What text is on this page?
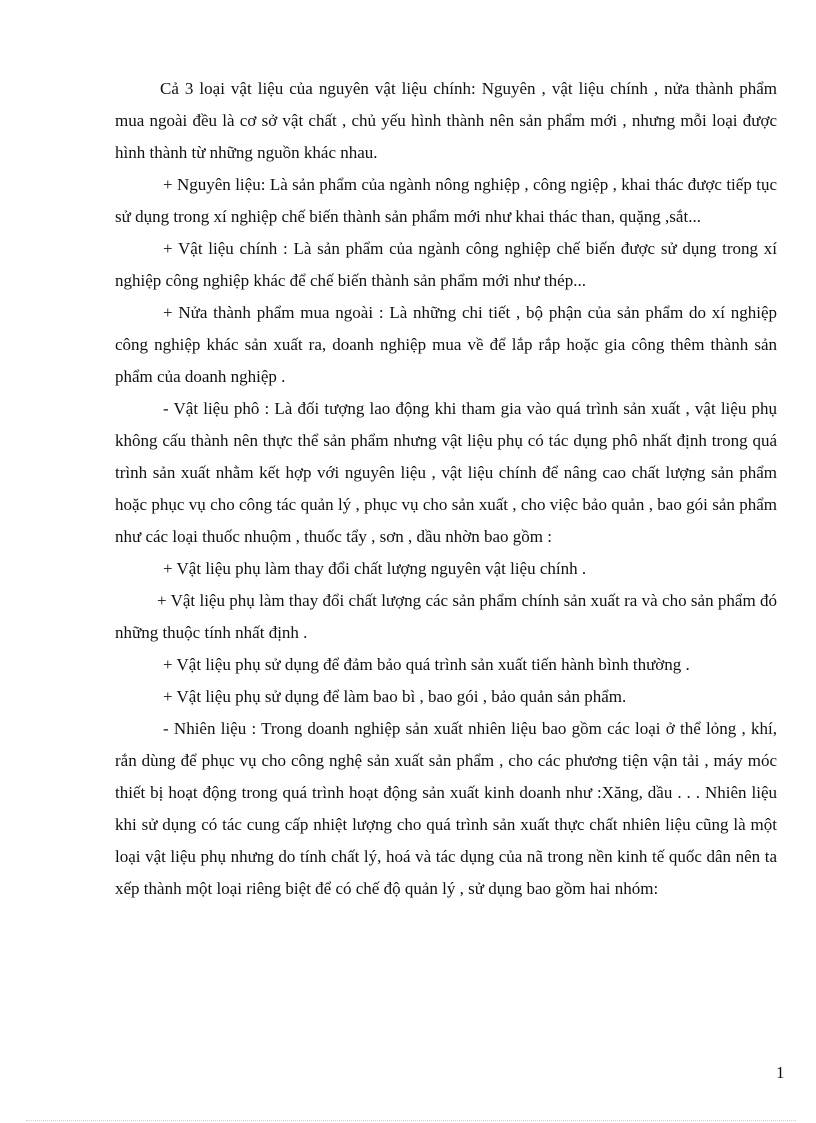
Cả 3 loại vật liệu của nguyên vật liệu chính: Nguyên , vật liệu chính , nửa thành phẩm mua ngoài đều là cơ sở vật chất , chủ yếu hình thành nên sản phẩm mới , nhưng mỗi loại được hình thành từ những nguồn khác nhau.

+ Nguyên liệu: Là sản phẩm của ngành nông nghiệp , công ngiệp , khai thác được tiếp tục sử dụng trong xí nghiệp chế biến thành sản phẩm mới như khai thác than, quặng ,sắt...

+ Vật liệu chính : Là sản phẩm của ngành công nghiệp chế biến được sử dụng trong xí nghiệp công nghiệp khác để chế biến thành sản phẩm mới như thép...

+ Nửa thành phẩm mua ngoài : Là những chi tiết , bộ phận của sản phẩm do xí nghiệp công nghiệp khác sản xuất ra, doanh nghiệp mua về để lắp rắp hoặc gia công thêm thành sản phẩm của doanh nghiệp .

- Vật liệu phô : Là đối tượng lao động khi tham gia vào quá trình sản xuất , vật liệu phụ không cấu thành nên thực thể sản phẩm nhưng vật liệu phụ có tác dụng phô nhất định trong quá trình sản xuất nhằm kết hợp với nguyên liệu , vật liệu chính để nâng cao chất lượng sản phẩm hoặc phục vụ cho công tác quản lý , phục vụ cho sản xuất , cho việc bảo quản , bao gói sản phẩm như các loại thuốc nhuộm , thuốc tẩy , sơn , dầu nhờn bao gồm :

+ Vật liệu phụ làm thay đổi chất lượng nguyên vật liệu chính .

+ Vật liệu phụ làm thay đổi chất lượng các sản phẩm chính sản xuất ra và cho sản phẩm đó những thuộc tính nhất định .

+ Vật liệu phụ sử dụng để đảm bảo quá trình sản xuất tiến hành bình thường .

+ Vật liệu phụ sử dụng để làm bao bì , bao gói , bảo quản sản phẩm.

- Nhiên liệu : Trong doanh nghiệp sản xuất nhiên liệu bao gồm các loại ở thể lỏng , khí, rắn dùng để phục vụ cho công nghệ sản xuất sản phẩm , cho các phương tiện vận tải , máy móc thiết bị hoạt động trong quá trình hoạt động sản xuất kinh doanh như :Xăng, dầu . . . Nhiên liệu khi sử dụng có tác cung cấp nhiệt lượng cho quá trình sản xuất thực chất nhiên liệu cũng là một loại vật liệu phụ nhưng do tính chất lý, hoá và tác dụng của nã trong nền kinh tế quốc dân nên ta xếp thành một loại riêng biệt để có chế độ quản lý , sử dụng bao gồm hai nhóm:

1
